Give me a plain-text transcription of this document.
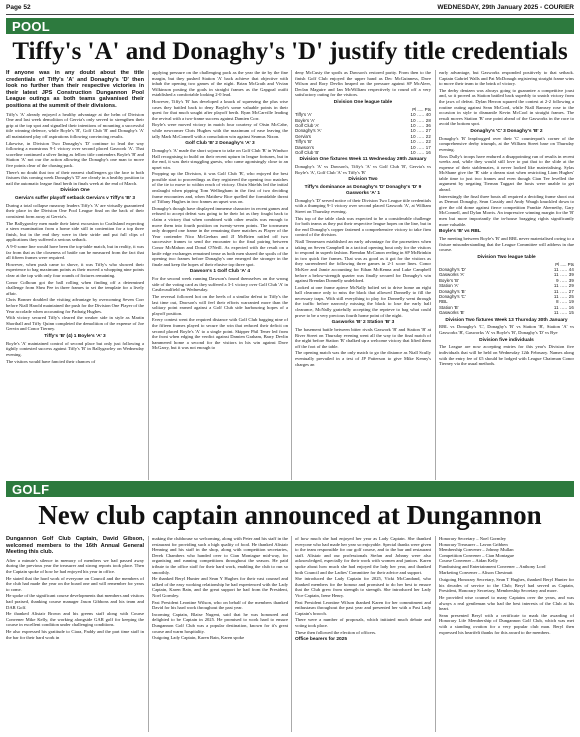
Page 52	WEDNESDAY, 29th January 2025 - COURIER
POOL
Tiffy's 'A' and Donaghy's 'D' justify title credentials

If anyone was in any doubt about the title credentials of Tiffy's 'A' and Donaghy's 'D' then look no further than their respective victories in their latest JPS Construction Dungannon Pool League outings as both teams galvanised their positions at the summit of their divisions.

Tiffy's 'A' already enjoyed a healthy advantage at the helm of Division One and last week demolition of Gervia's only served to strengthen their grip at the top spot and signalled their intentions of mounting a successful title winning defence, while Boyle's 'B', Golf Club 'B' and Donaghy's 'A' all maintained play off aspirations following convincing results.

Likewise, in Division Two Donaghy's 'D' continue to lead the way following a monstrous 9-1 victory over second placed Gaswork 'A'. That scoreline continued a silver lining as fellow title contenders Boyle's 'B' and Station 'A' not our the action allowing the Donaghy's one man to move five points clear of the chasing pack.

There's no doubt that two of their nearest challengers go the face to both fixtures this coming week Donaghy's 'D' are clearly in a healthy position to nail the automatic league final berth in finals week at the end of March.

Division One
Gervia's suffer playoff setback Gervia's v Tiffy's 'B' 3

During a total collapse runaway leaders Tiffy's 'A' are virtually guaranteed their place in the Division One Pool League final on the back of their consistent form away at Gervia's.

The Ballygawley men made their latest excursion to Coalisland expecting a stern examination from a home side still in contention for a top three finish, but in the end they were in their stride and put full clips of applications they suffered a serious setback.

A 9-0 some line would have been the top-table match, but in reality, it was far from that as the closeness of battle can be measured from the fact that all fifteen frames were required.

However, when push came to shove, it was Tiffy's who showed their experience to bag maximum points as their moved a whopping nine points clear at the top with only four rounds of fixtures remaining.

Conor Colhoun got the ball rolling when finding off a determined challenge from Shea Fee in three frames to set the template for a lively affair.

Chris Bonner doubled the visiting advantage by overcoming Seven Corr before Niall Harold maintained the push for the Division One Player of the Year accolade when accounting for Padraig Hughes.

With victory secured Tiffy's cleared the weaker side in style as Martin Shorthall and Tiffy Quinn completed the demolition of the expense of Joe Gervin and Conor Tierney.

Tiffy's 'B' (4) 1 Boyle's 'A' 3

Boyle's 'A' maintained control of second place but only just following a tightly contested success against Tiffy's 'B' in Ballygawley on Wednesday evening.

The visitors would have fancied their chances of

applying pressure on the challenging pack as the year the tie by the fine margin, but they pushed Station 'A' back achieve that objective with inhab the opening two games of the night. Brian McGrath and Vivian Wilkinson posting the goals in straight frames as the Gapgoal outfit established a comfortable looking 2-0 lead.

However, Tiffy's 'B' has developed a knack of squeezing the plus wise cases they battled back to deny Boyle's some valuable points in their quest for that much sought after playoff berth. Ryan McCarville leading the revival with a two-frame success against Damien Corr.

Boyle's were moved victory in match four courtesy of Oisin McCabe, while newcomer Chris Hughes with the maximum of ease leaving the tally Mark McConnell with a consolation win against Seamus Nixon.

Golf Club 'B' 2 Donaghy's 'A' 3

Donaghy's 'A' made the short sojourn to take on Golf Club 'B' in Windsor Hall recognising to build on their recent upturn in league fortunes, but in the end, it was their struggling guests, who came agonisingly close to an upset win.

Propping up the Division, it was Golf Club 'B', who enjoyed the best possible start to proceedings as they registered the opening two matches of the tie to move to within reach of victory. Oisin Shields led the initial onslaught when pipping Tom Wellingham in the first of two deciding frame encounters and, when Matthew Rice quelled the formidable threat of Tiffany Hughes in two frames an upset was on.

Donaghy's though have displayed immense character in recent games and refused to accept defeat was going to be their lot as they fought back to claim a victory that when combined with other results was enough to move them into fourth position on twenty-seven points. The townsmen only dropped one frame in the remaining three matches as Player of the Year contender Nico McGeehan and JJ McBrien rattled off two successive frames to send the encounter to the final pairing between Conor McMahon and Donal O'Neill. As expected with the result on a knife edge exchanges remained tense as both men shared the spoils of the opening two frames before Donaghy's one emerged the stronger in the finale and keep the hopes of their elusive top three spot.

Dawson's 1 Golf Club 'A' 4

For the second week running Dawson's found themselves on the wrong side of the voting card as they suffered a 3-1 victory over Golf Club 'A' in Castlecaulfield on Wednesday.

The reversal followed hot on the heels of a similar defeat to Tiffy's the last time out, Dawson's will feel their efforts warranted more than the solitary point earned against a Golf Club side harbouring hopes of a playoff position.

Every contest went the required distance with Golf Club bagging nine of the fifteen frames played to secure the win that reduced their deficit on second placed Boyle's 'A' to a single point. Skipper Phil Tener led from the front when edging the verdict against Damien Graham, Barry Devlin hammered home a second for the visitors in his win against Dave McGarry, but it was not enough to

deny McCusty the spoils as Dawson's restored parity. From then to the finish Golf Club enjoyed the upper hand as Dec McGuinness, Dave Wilson and Rory Devlin heaped on the pressure against SP McAleer, Declan Maguire and Ian McWilliam respectively to round off a very satisfactory outing for the visitors.

Division One league table
Pl ..... Pts
Tiffy's 'A'	10 ..... 40
Boyle's 'A'	10 ..... 28
Golf Club 'A'	10 ..... 36
Donaghy's 'A'	10 ..... 27
Gervia's	10 ..... 22
Tiffy's 'B'	10 ..... 22
Dawson's	10 ..... 17
Golf Club 'B'	10 ..... 16
Division One fixtures Week 11 Wednesday 29th January

Donaghy's 'A' vs Dawson's, Tiffy's 'A' vs Golf Club 'B', Gervia's vs Boyle's 'A', Golf Club 'A' vs Tiffy's 'B'

Division Two
Tiffy's dominance as Donaghy's 'D' Donaghy's 'D' 9 Gasworks 'A' 1

Donaghy's 'D' served notice of their Division Two League title credentials with a thumping 9-1 victory over second placed Gaswork 'A', at William Street on Thursday evening.

This top of the table clash was expected to be a considerable challenge for both teams as they put their respective league hopes on the line, but in the end Donaghy's copper fastened a comprehensive victory to take firm control of the division.

Niall Tennessen established an early advantage for the pacesetters when taking on Seven Campbell in a tactical opening bout only for the visitors to respond in superb fashion. Brendan McCanon reeling in SP McBrinkin in two quick fire frames. That was as good as it got for the visitors as they surrendered the following three games in 2-1 score lines. Conor McKee and Jamie accounting for Ethan McKenna and Luke Campbell before a below-strength quarter was finally secured for Donaghy's win against Brendan Donnelly undeldoed.

Looked at one frame apiece McNally bolted set to drive home an eight ball clearance only to miss the black that allowed Donnelly to fill the necessary traps. With still everything to play for Donnelly went through the traffic before narrowly missing the black to lose the early half clearance, McNally gratefully accepting the reprieve to bag what could prove to be a very precious fourth home point of the night.

Gasworks 'B' 2 Station 'B' 3

The basement battle between bitter rivals Gaswork 'B' and Station 'B' at River Street on Thursday evening went all the way to the final match of the night before Station 'B' chalked up a welcome victory that lifted them off the foot of the table.

The opening match was the only match to go the distance as Niall Scully eventually prevailed in a test of JP Patterson to give Mike Kenny's charges an

early advantage, but Gasworks responded positively to that setback. Captain Gabriel Walls and Pat McDonagh registering straight frame wins to move their team to the brink of victory.

The derby denizen was always going to guarantee a competitive joust and, so it proved as Station battled back superbly to snatch victory from the jaws of defeat. Dylan Herron squared the contest at 2-2 following a routine outing against Sean McCord, while Niall Ramsey rose to the occasion in style to dismantle Kevin McCool in straight frames. The result moves Station 'B' one point ahead of the Gasworks in the race to avoid the bottom spot.

Donaghy's 'C' 3 Donaghy's 'B' 2

Donaghy's 'B' leapfrogged over their 'C' counterpart's corner of the comprehensive derby triumph, at the William Street base on Thursday evening.

Ross Dully's troops have endured a disappointing run of results in recent weeks and, while they would still love to put that to the slide at the expense of their stablemates, it never looked like materialising. Sylas McShane give the 'B' side a dream start when restricting Liam Hughes' table time to just two frames and even though Cian Tee levelled the argument by negating Tiernan Taggart the hosts were unable to get ahead.

Interestingly the final three bouts all required a deciding frame shoot out as Dermot Donaghy, Sean Cassidy and Andy Waugh knuckled down to give the old dome against fierce competition Frankie Abernethy, Gary McConnell, and Dylan Morris. An impressive winning margin for the 'B' men but more importantly the in-house bragging rights significantly more valuable.

Boyle's 'B' vs RBL

The meeting between Boyle's 'B' and RBL never materialised owing to a fixture misunderstanding that the League Committee will address in due course.

Division Two league table
Pl ..... Pts
Donaghy's 'D'	11 ..... 44
Gasworks 'A'	11 ..... 39
Boyle's 'B'	9 ..... 39
Station 'A'	11 ..... 29
Donaghy's 'B'	11 ..... 27
Donaghy's 'C'	11 ..... 25
RBL	8 ..... 19
Station 'B'	11 ..... 16
Gasworks 'B'	11 ..... 15
Division Two fixtures Week 13 Thursday 30th January

RBL vs Donaghy's 'C', Donaghy's 'B' vs Station 'B', Station 'A' vs Gasworks 'B', Gasworks 'A' vs Boyle's 'B', Donaghy's 'D' vs Bye

Division five individuals

The League are now accepting entries for this year's Division five individuals that will be held on Wednesday 12th February. Names along with the entry fee of £5 should be lodged with League Chairman Conor Tierney via the usual methods.

GOLF
New club captain announced at Dungannon

Dungannon Golf Club Captain, David Gibson, welcomed members to the 16th Annual General Meeting this club.

After a minute's silence in memory of members we had passed away during the previous year the treasurer and strong reports took place. Then the Captain spoke of how he had enjoyed his year in office.

He stated that the hard work of everyone on Council and the members of the club had made the year on the board one and will remember for years to come.

He spoke of the significant course developments that members and visitors had praised, thanking course manager Jason Gibbons and his team and DAR Golf.

He thanked Alistair Brown and his greens staff along with Course Convener Mike Kelly, the working alongside GAR golf for keeping the course in excellent condition under challenging conditions.

He also expressed his gratitude to Ciara, Paddy and the part time staff in the bar for their hard work in

making the clubhouse so welcoming, along with Peter and his staff in the restaurant for providing such a high quality of food. He thanked Alistair Henning and his staff in the shop, along with competition secretaries, Derek Chambers who handed over to Cian Montague mid-way, for organising and running competitions throughout the season. He paid tribute to the office staff for their hard work, enabling the club to run so smoothly.

He thanked Beryl Hunter and Sean Y Hughes for their vast counsel and talked of the easy working relationship he had experienced with the Lady Captain, Karen Bain, and the great support he had from the President, Noel Gormley.

Past President Leontine Wilson, who on behalf of the members thanked David for his hard work throughout the past year.

Incoming Captain, Blaise Nugent, said that he was honoured and delighted to be Captain in 2025. He promised to work hard to ensure Dungannon Golf Club was a popular destination, known for it's great course and warm hospitality.

Outgoing Lady Captain, Karen Bain, Karen spoke

of how much she had enjoyed her year as Lady Captain. She thanked everyone who had made her year so enjoyable. Special thanks were given to the team responsible for our golf course, and to the bar and restaurant staff. Alistair and our professionals Stefan and Johnny were also acknowledged, especially for their work with women and juniors. Karen spoke about how much she had enjoyed the lady her year, and thanked both Council and the Ladies' Committee for their advice and support.

She introduced the Lady Captain for 2025, Vicki McCandand, who thanked members for the honour and promised to do her best to ensure that the Club grew from strength to strength. She introduced her Lady Vice Captain, Irene Henry.

Past President Leontine Wilson thanked Karen for her commitment and enthusiasm throughout the past year and presented her with a Past Lady Captain's brooch.

There were a number of proposals, which initiated much debate and voting took place.

These then followed the election of officers.

Office bearers for 2025

Honorary Secretary – Noel Gormley

Honorary Treasurer – Lavon Gribben

Membership Convener – Johnny Mullan

Competition Convener – Cian Montague

Course Convener – Aidan Kelly

Fundraising and Entertainment Convener – Anthony Lord

Marketing Convener – Alison Chestnutt

Outgoing Honorary Secretary, Sean T Hughes, thanked Beryl Hunter for his decades of service to the Club; Beryl had served as Captain, President, Honorary Secretary, Membership Secretary and more.

He provided wise counsel to many Captains over the years, and was always a real gentleman who had the best interests of the Club at his heart.

Sean presented Beryl with a certificate to mark the awarding of Honorary Life Membership of Dungannon Golf Club, which was met with a standing ovation for a very popular club man. Beryl then expressed his heartfelt thanks for this award to the members.
